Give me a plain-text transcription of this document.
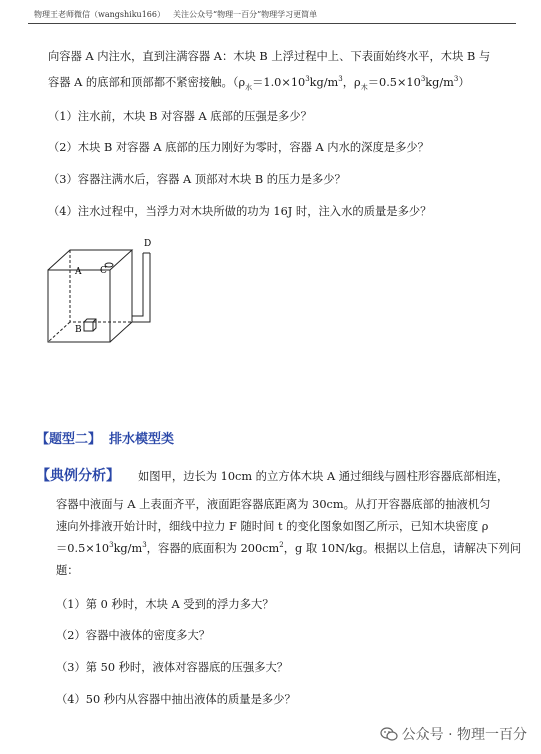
物理王老师微信（wangshiku166） 关注公众号“物理一百分”物理学习更简单
向容器 A 内注水，直到注满容器 A：木块 B 上浮过程中上、下表面始终水平，木块 B 与
容器 A 的底部和顶部都不紧密接触。（$\rho_水=1.0\times 10^3kg/m^3$，$\rho_木=0.5\times 10^3kg/m^3$）
（1）注水前，木块 B 对容器 A 底部的压强是多少？
（2）木块 B 对容器 A 底部的压力刚好为零时，容器 A 内水的深度是多少？
（3）容器注满水后，容器 A 顶部对木块 B 的压力是多少？
（4）注水过程中，当浮力对木块所做的功为 16J 时，注入水的质量是多少？
A C
B
D
【题型二】 排水模型类
【典例分析】 如图甲，边长为 10cm 的立方体木块 A 通过细线与圆柱形容器底部相连，
容器中液面与 A 上表面齐平，液面距容器底距离为 30cm。从打开容器底部的抽液机匀
速向外排液开始计时，细线中拉力 F 随时间 t 的变化图象如图乙所示，已知木块密度 ρ
$=0.5\times 10^3kg/m^3$，容器的底面积为 $200cm^2$，g 取 10N/kg。根据以上信息，请解决下列问
题：
（1）第 0 秒时，木块 A 受到的浮力多大？
（2）容器中液体的密度多大？
（3）第 50 秒时，液体对容器底的压强多大？
（4）50 秒内从容器中抽出液体的质量是多少？
公众号 · 物理一百分
